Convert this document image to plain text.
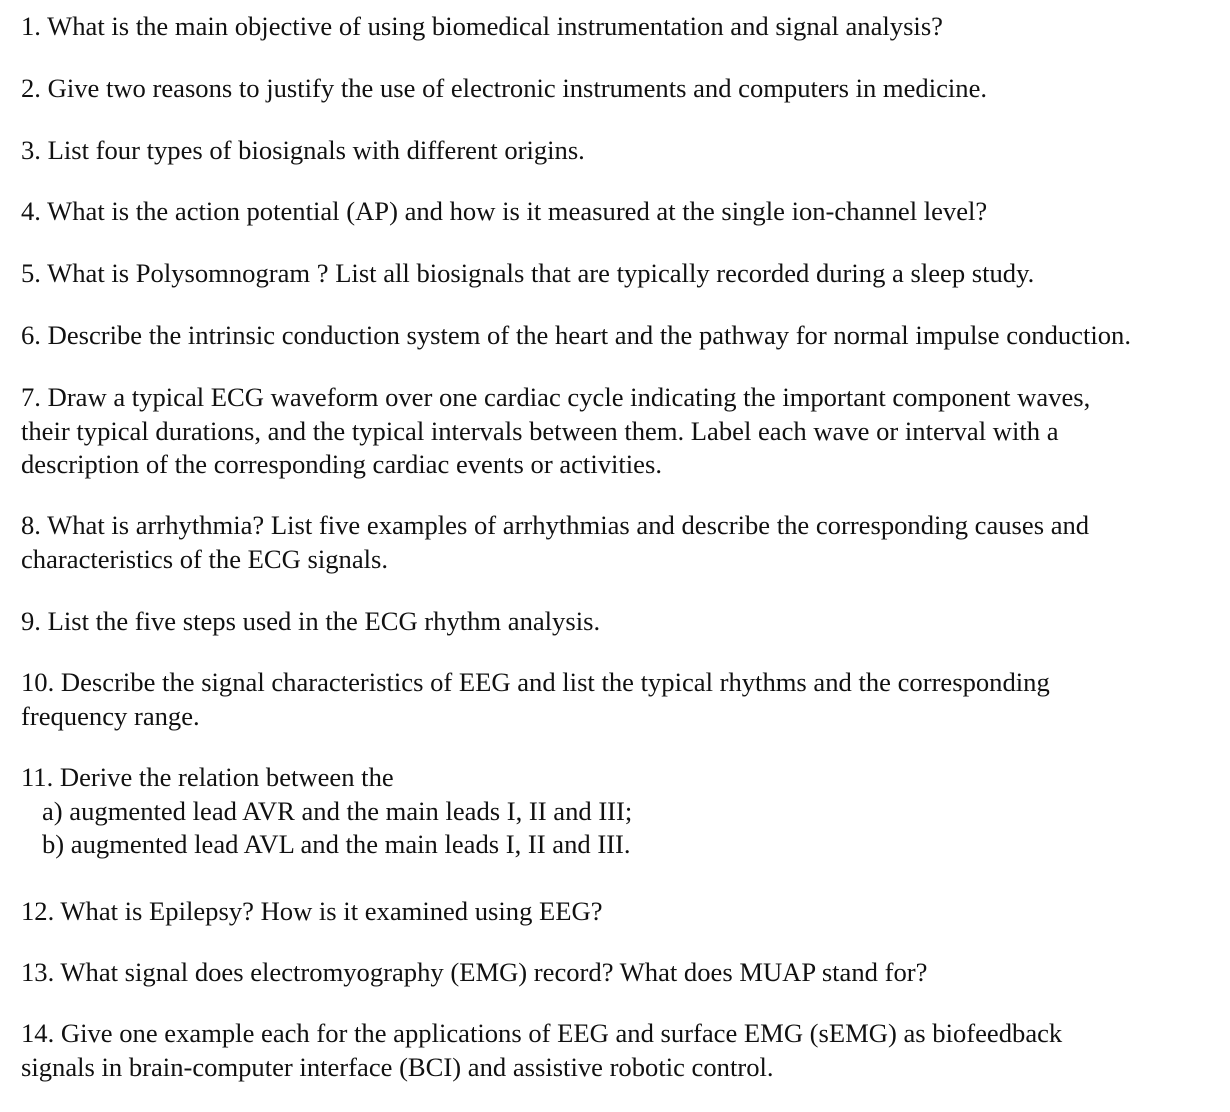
1. What is the main objective of using biomedical instrumentation and signal analysis?

2. Give two reasons to justify the use of electronic instruments and computers in medicine.

3. List four types of biosignals with different origins.

4. What is the action potential (AP) and how is it measured at the single ion-channel level?

5. What is Polysomnogram ? List all biosignals that are typically recorded during a sleep study.

6. Describe the intrinsic conduction system of the heart and the pathway for normal impulse conduction.

7. Draw a typical ECG waveform over one cardiac cycle indicating the important component waves,
their typical durations, and the typical intervals between them. Label each wave or interval with a
description of the corresponding cardiac events or activities.

8. What is arrhythmia? List five examples of arrhythmias and describe the corresponding causes and
characteristics of the ECG signals.

9. List the five steps used in the ECG rhythm analysis.

10. Describe the signal characteristics of EEG and list the typical rhythms and the corresponding
frequency range.

11. Derive the relation between the
a) augmented lead AVR and the main leads I, II and III;
b) augmented lead AVL and the main leads I, II and III.

12. What is Epilepsy? How is it examined using EEG?

13. What signal does electromyography (EMG) record? What does MUAP stand for?

14. Give one example each for the applications of EEG and surface EMG (sEMG) as biofeedback
signals in brain-computer interface (BCI) and assistive robotic control.
